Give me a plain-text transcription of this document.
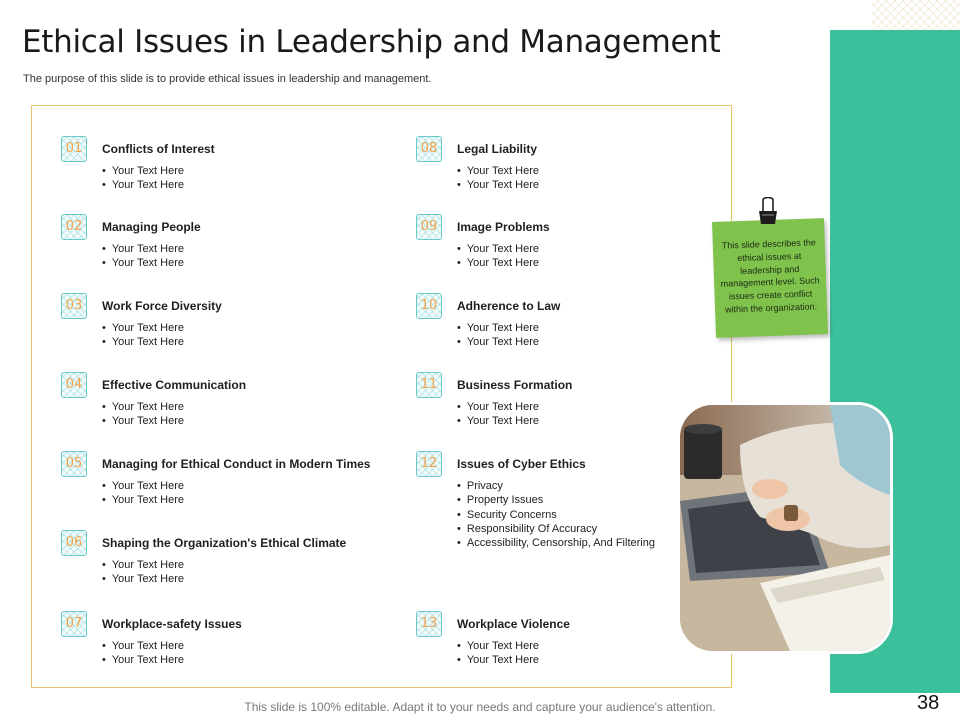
Ethical Issues in Leadership and Management
The purpose of this slide is to provide ethical issues in leadership and management.
01	Conflicts of Interest
• Your Text Here
• Your Text Here
02	Managing People
• Your Text Here
• Your Text Here
03	Work Force Diversity
• Your Text Here
• Your Text Here
04	Effective Communication
• Your Text Here
• Your Text Here
05	Managing for Ethical Conduct in Modern Times
• Your Text Here
• Your Text Here
06	Shaping the Organization's Ethical Climate
• Your Text Here
• Your Text Here
07	Workplace-safety Issues
• Your Text Here
• Your Text Here
08	Legal Liability
• Your Text Here
• Your Text Here
09	Image Problems
• Your Text Here
• Your Text Here
10	Adherence to Law
• Your Text Here
• Your Text Here
11	Business Formation
• Your Text Here
• Your Text Here
12	Issues of Cyber Ethics
• Privacy
• Property Issues
• Security Concerns
• Responsibility Of Accuracy
• Accessibility, Censorship, And Filtering
13	Workplace Violence
• Your Text Here
• Your Text Here
This slide describes the ethical issues at leadership and management level. Such issues create conflict within the organization.
This slide is 100% editable. Adapt it to your needs and capture your audience's attention.	38
